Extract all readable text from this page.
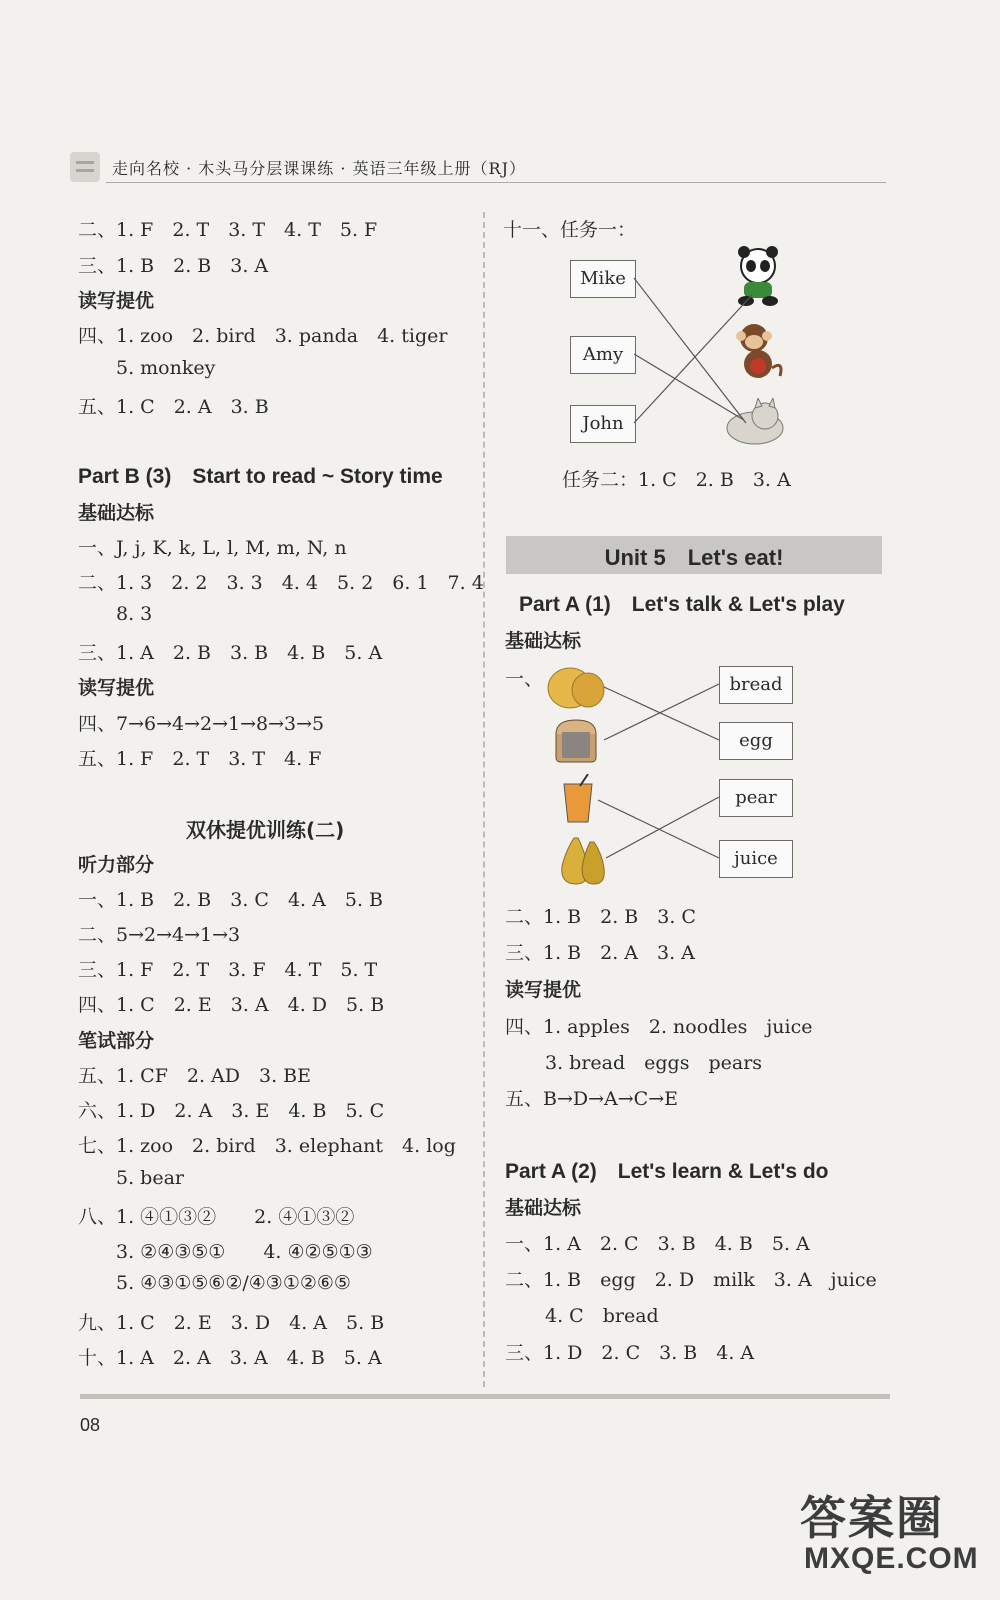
走向名校 · 木头马分层课课练 · 英语三年级上册（RJ）
二、1. F　2. T　3. T　4. T　5. F
三、1. B　2. B　3. A
读写提优
四、1. zoo　2. bird　3. panda　4. tiger
5. monkey
五、1. C　2. A　3. B
Part B (3)　Start to read ~ Story time
基础达标
一、J, j, K, k, L, l, M, m, N, n
二、1. 3　2. 2　3. 3　4. 4　5. 2　6. 1　7. 4
8. 3
三、1. A　2. B　3. B　4. B　5. A
读写提优
四、7→6→4→2→1→8→3→5
五、1. F　2. T　3. T　4. F
双休提优训练(二)
听力部分
一、1. B　2. B　3. C　4. A　5. B
二、5→2→4→1→3
三、1. F　2. T　3. F　4. T　5. T
四、1. C　2. E　3. A　4. D　5. B
笔试部分
五、1. CF　2. AD　3. BE
六、1. D　2. A　3. E　4. B　5. C
七、1. zoo　2. bird　3. elephant　4. log
5. bear
八、1. ④①③②　　2. ④①③②
3. ②④③⑤①　　4. ④②⑤①③
5. ④③①⑤⑥②/④③①②⑥⑤
九、1. C　2. E　3. D　4. A　5. B
十、1. A　2. A　3. A　4. B　5. A
十一、任务一：
Mike
Amy
John
任务二：1. C　2. B　3. A
Unit 5　Let's eat!
Part A (1)　Let's talk & Let's play
基础达标
一、	bread
egg
pear
juice
二、1. B　2. B　3. C
三、1. B　2. A　3. A
读写提优
四、1. apples　2. noodles　juice
3. bread　eggs　pears
五、B→D→A→C→E
Part A (2)　Let's learn & Let's do
基础达标
一、1. A　2. C　3. B　4. B　5. A
二、1. B　egg　2. D　milk　3. A　juice
4. C　bread
三、1. D　2. C　3. B　4. A
08
答案圈
MXQE.COM
